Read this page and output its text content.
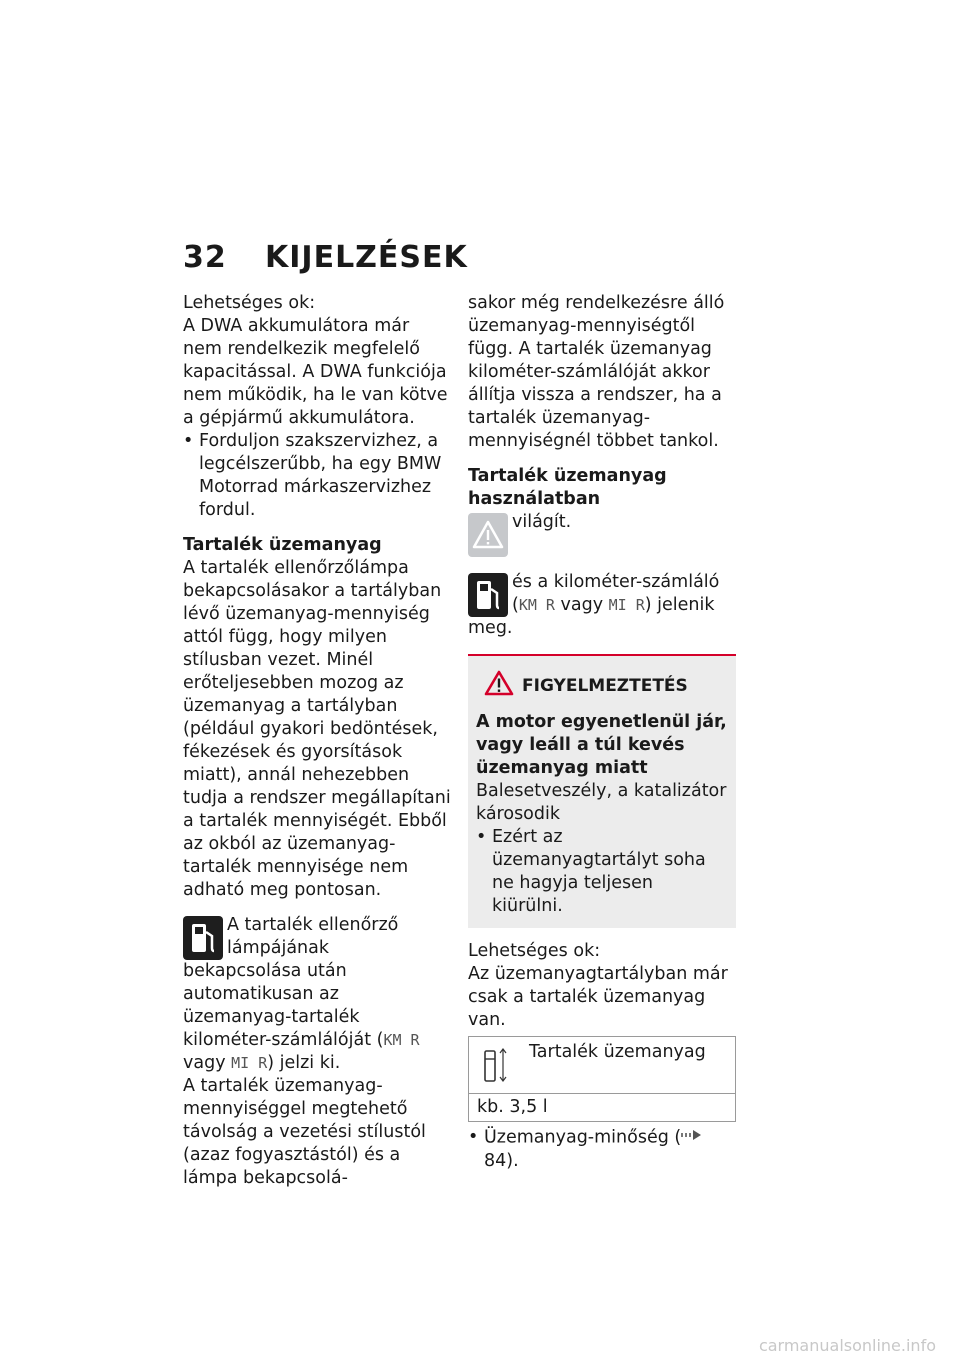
32 KIJELZÉSEK

Lehetséges ok:

A DWA akkumulátora már nem rendelkezik megfelelő kapacitással. A DWA funkciója nem működik, ha le van kötve a gépjármű akkumulátora.

• Forduljon szakszervizhez, a legcélszerűbb, ha egy BMW Motorrad márkaszervizhez fordul.

Tartalék üzemanyag

A tartalék ellenőrzőlámpa bekapcsolásakor a tartályban lévő üzemanyag-mennyiség attól függ, hogy milyen stílusban vezet. Minél erőteljesebben mozog az üzemanyag a tartályban (például gyakori bedöntések, fékezések és gyorsítások miatt), annál nehezebben tudja a rendszer megállapítani a tartalék mennyiségét. Ebből az okból az üzemanyag-tartalék mennyisége nem adható meg pontosan.

A tartalék ellenőrző lámpájának bekapcsolása után automatikusan az üzemanyag-tartalék kilométer-számlálóját (KM R vagy MI R) jelzi ki.

A tartalék üzemanyag-mennyiséggel megtehető távolság a vezetési stílustól (azaz fogyasztástól) és a lámpa bekapcsolá-

sakor még rendelkezésre álló üzemanyag-mennyiségtől függ. A tartalék üzemanyag kilométer-számlálóját akkor állítja vissza a rendszer, ha a tartalék üzemanyag-mennyiségnél többet tankol.

Tartalék üzemanyag használatban

világít.

és a kilométer-számláló (KM R vagy MI R) jelenik meg.

FIGYELMEZTETÉS

A motor egyenetlenül jár, vagy leáll a túl kevés üzemanyag miatt

Balesetveszély, a katalizátor károsodik

• Ezért az üzemanyagtartályt soha ne hagyja teljesen kiürülni.

Lehetséges ok:

Az üzemanyagtartályban már csak a tartalék üzemanyag van.

Tartalék üzemanyag
kb. 3,5 l

• Üzemanyag-minőség ( 84).

carmanualsonline.info
